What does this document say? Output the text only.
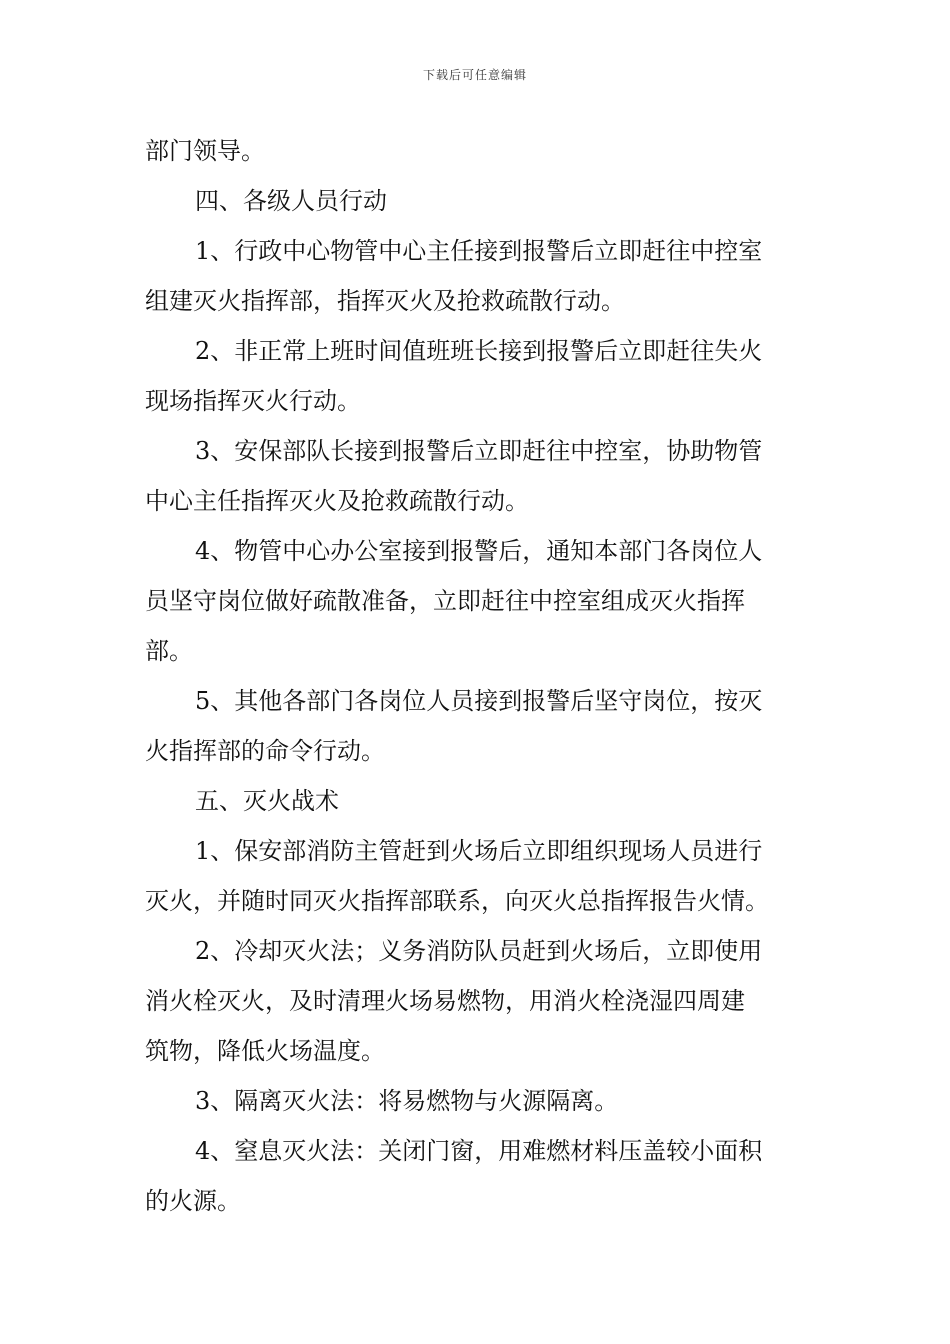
下载后可任意编辑

部门领导。

四、各级人员行动

1、行政中心物管中心主任接到报警后立即赶往中控室
组建灭火指挥部，指挥灭火及抢救疏散行动。

2、非正常上班时间值班班长接到报警后立即赶往失火
现场指挥灭火行动。

3、安保部队长接到报警后立即赶往中控室，协助物管
中心主任指挥灭火及抢救疏散行动。

4、物管中心办公室接到报警后，通知本部门各岗位人
员坚守岗位做好疏散准备，立即赶往中控室组成灭火指挥
部。

5、其他各部门各岗位人员接到报警后坚守岗位，按灭
火指挥部的命令行动。

五、灭火战术

1、保安部消防主管赶到火场后立即组织现场人员进行
灭火，并随时同灭火指挥部联系，向灭火总指挥报告火情。

2、冷却灭火法；义务消防队员赶到火场后，立即使用
消火栓灭火，及时清理火场易燃物，用消火栓浇湿四周建
筑物，降低火场温度。

3、隔离灭火法：将易燃物与火源隔离。

4、窒息灭火法：关闭门窗，用难燃材料压盖较小面积
的火源。
